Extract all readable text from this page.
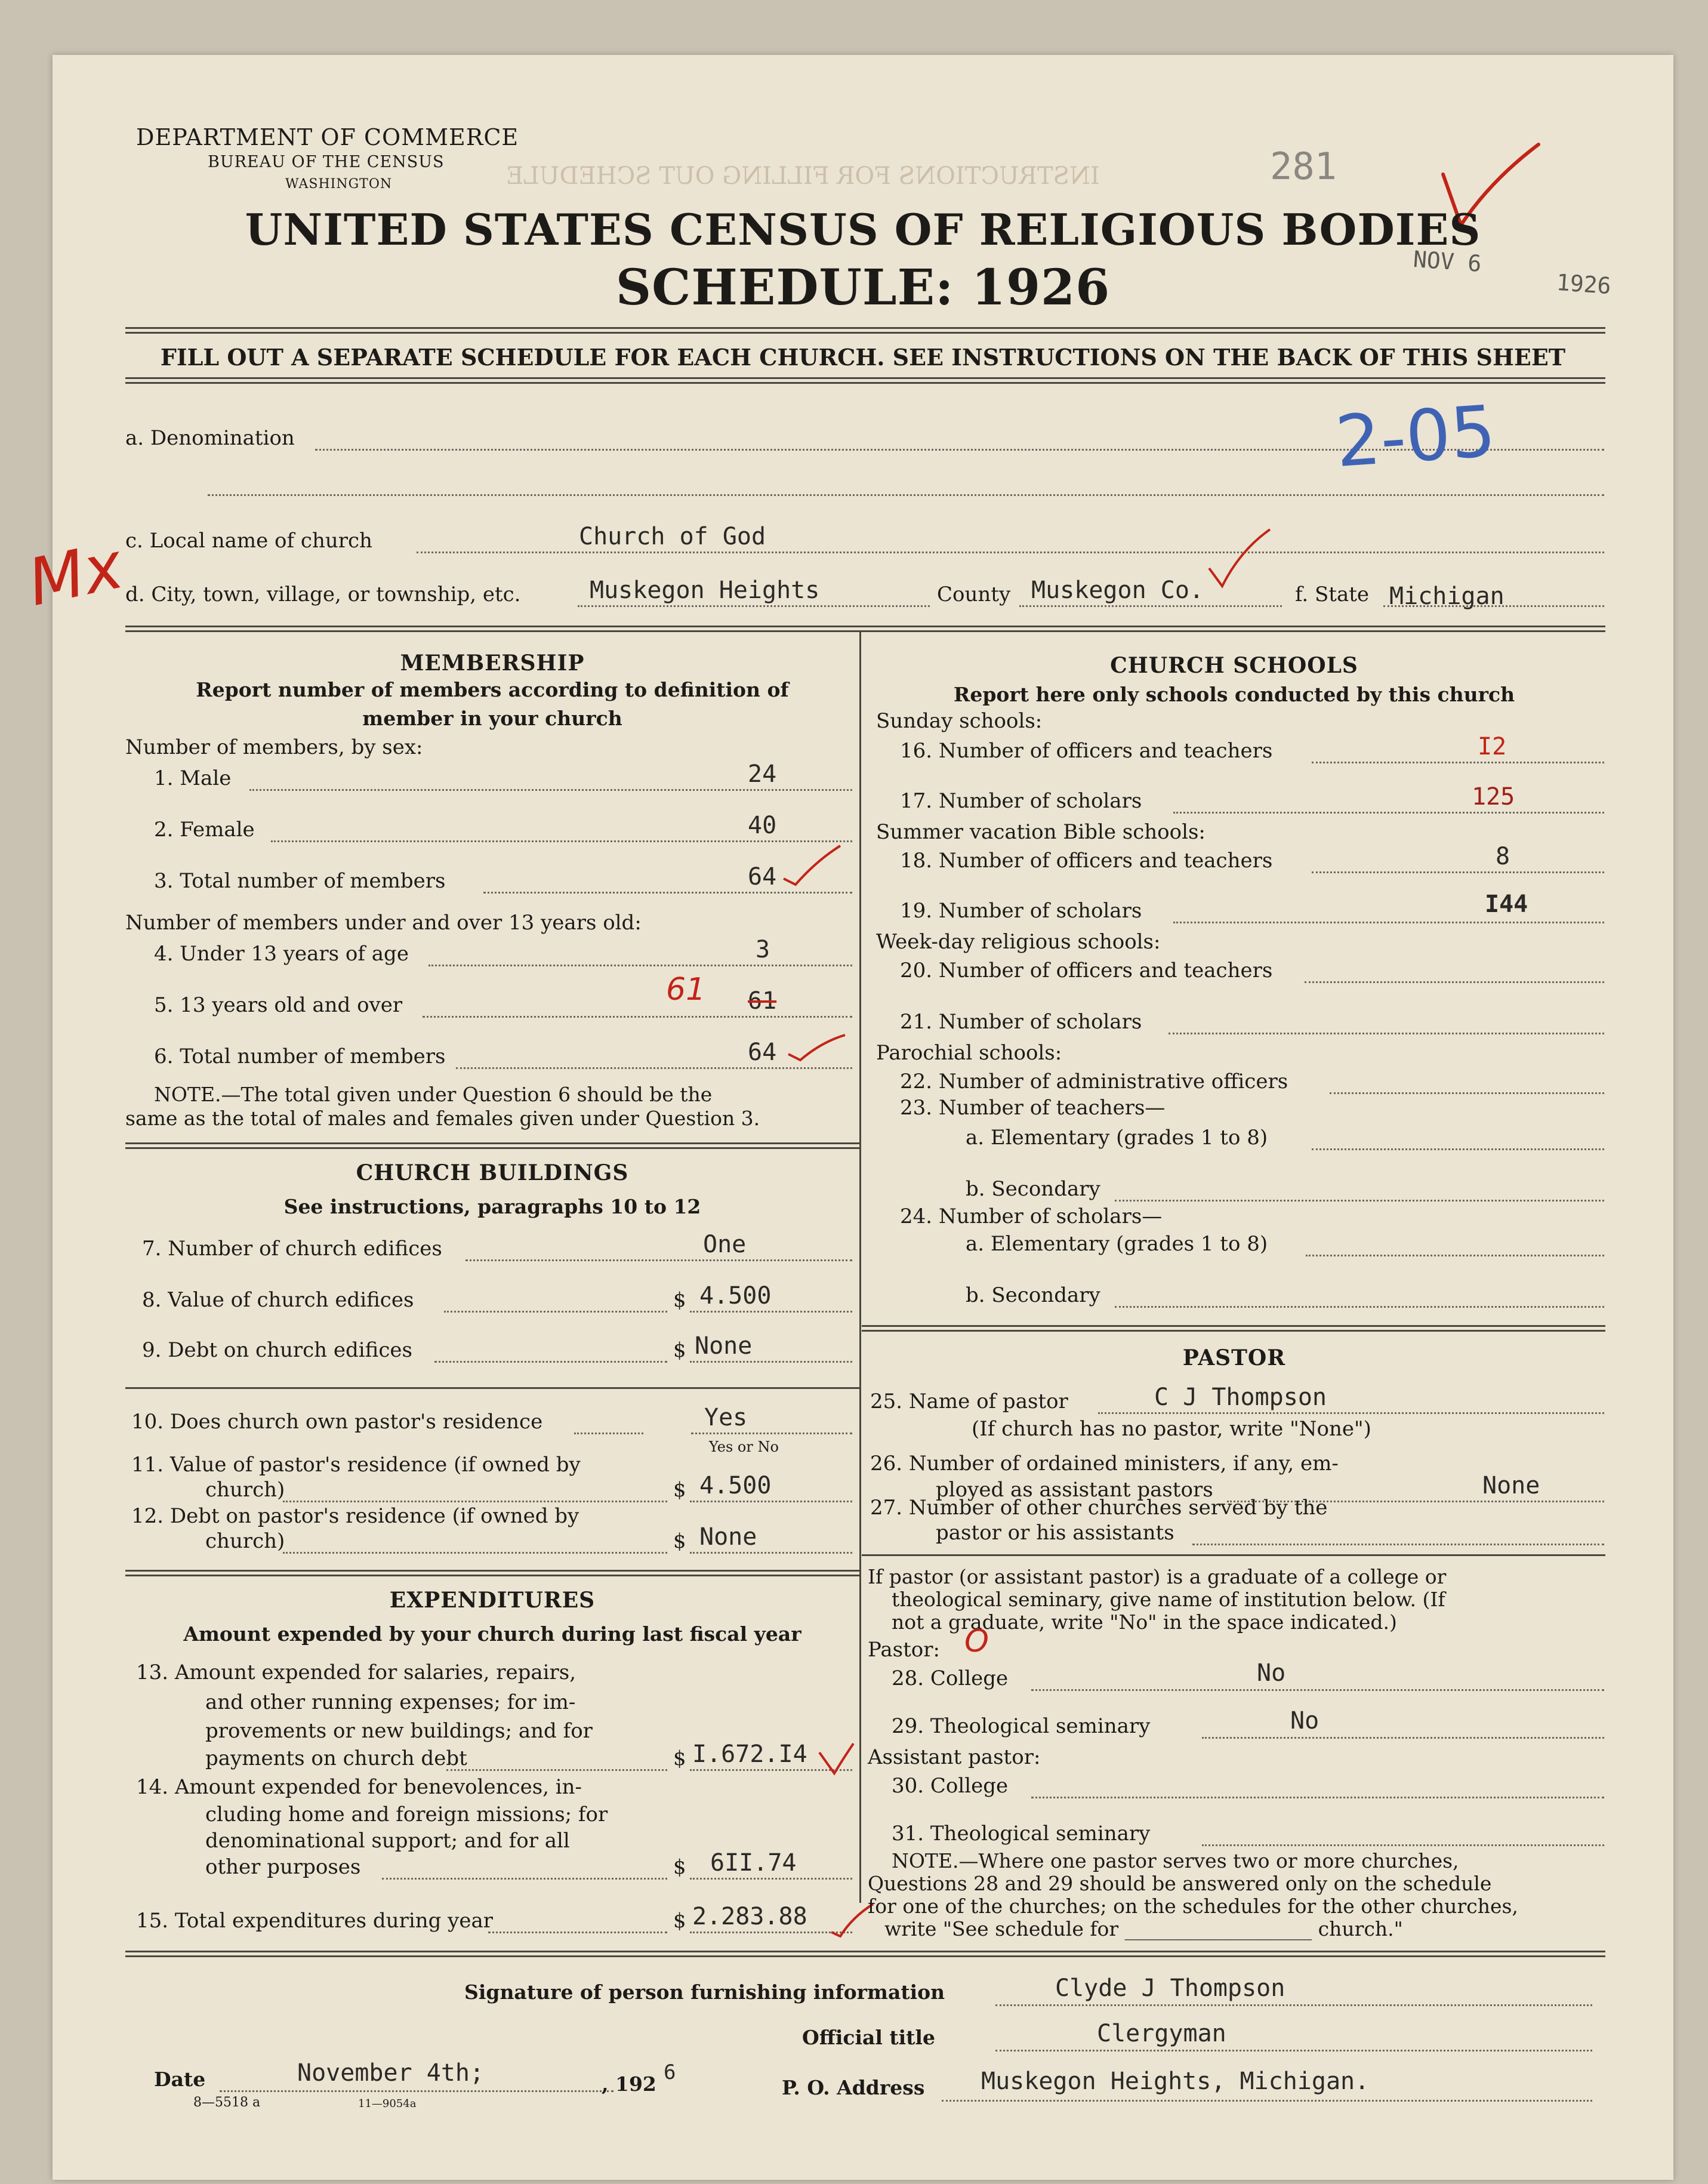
INSTRUCTIONS FOR FILLING OUT SCHEDULE
DEPARTMENT OF COMMERCE
BUREAU OF THE CENSUS
WASHINGTON	281
NOV 6
1926
UNITED STATES CENSUS OF RELIGIOUS BODIES
SCHEDULE: 1926
FILL OUT A SEPARATE SCHEDULE FOR EACH CHURCH. SEE INSTRUCTIONS ON THE BACK OF THIS SHEET
a. Denomination	2-05
c. Local name of church	Church of God
Mx
d. City, town, village, or township, etc.	Muskegon Heights	County Muskegon Co.	f. State Michigan
MEMBERSHIP
Report number of members according to definition of
member in your church
Number of members, by sex:
1. Male	24
2. Female	40
3. Total number of members	64
Number of members under and over 13 years old:
4. Under 13 years of age	3
5. 13 years old and over	61
61
6. Total number of members	64
NOTE.—The total given under Question 6 should be the
same as the total of males and females given under Question 3.
CHURCH BUILDINGS
See instructions, paragraphs 10 to 12
7. Number of church edifices	One
8. Value of church edifices	$ 4.500
9. Debt on church edifices	$ None
10. Does church own pastor's residence	Yes
Yes or No
11. Value of pastor's residence (if owned by
church)	$ 4.500
12. Debt on pastor's residence (if owned by
church)	$ None
EXPENDITURES
Amount expended by your church during last fiscal year
13. Amount expended for salaries, repairs,
and other running expenses; for im-
provements or new buildings; and for
payments on church debt	$ I.672.I4
14. Amount expended for benevolences, in-
cluding home and foreign missions; for
denominational support; and for all
other purposes	$ 6II.74
15. Total expenditures during year	$ 2.283.88
CHURCH SCHOOLS
Report here only schools conducted by this church
Sunday schools:
16. Number of officers and teachers	I2
17. Number of scholars	125
Summer vacation Bible schools:
18. Number of officers and teachers	8
19. Number of scholars	I44
Week-day religious schools:
20. Number of officers and teachers
21. Number of scholars
Parochial schools:
22. Number of administrative officers
23. Number of teachers—
a. Elementary (grades 1 to 8)
b. Secondary
24. Number of scholars—
a. Elementary (grades 1 to 8)
b. Secondary
PASTOR
25. Name of pastor	C J Thompson
(If church has no pastor, write "None")
26. Number of ordained ministers, if any, em-
ployed as assistant pastors	None
27. Number of other churches served by the
pastor or his assistants
If pastor (or assistant pastor) is a graduate of a college or
theological seminary, give name of institution below. (If
not a graduate, write "No" in the space indicated.)
Pastor: O
28. College	No
29. Theological seminary	No
Assistant pastor:
30. College
31. Theological seminary
NOTE.—Where one pastor serves two or more churches,
Questions 28 and 29 should be answered only on the schedule
for one of the churches; on the schedules for the other churches,
write "See schedule for ___________________ church."
Signature of person furnishing information	Clyde J Thompson
Official title	Clergyman
Date	November 4th;	, 192 6
8—5518 a	11—9054a
P. O. Address Muskegon Heights, Michigan.
